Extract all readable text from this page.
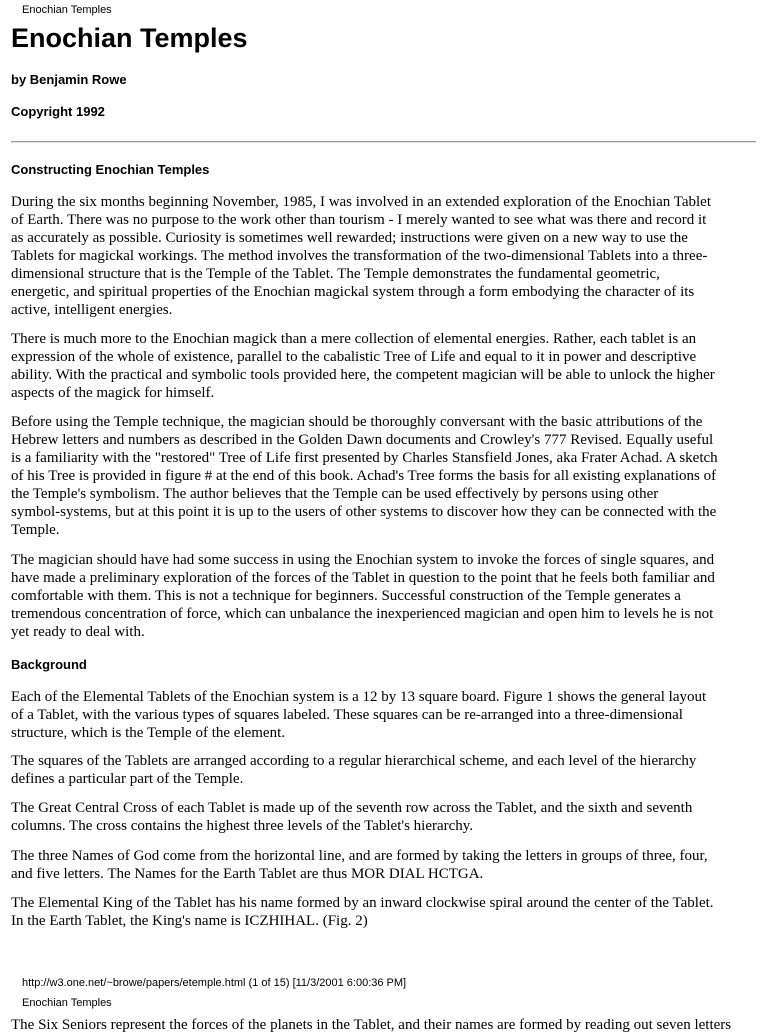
Enochian Temples
Enochian Temples
by Benjamin Rowe
Copyright 1992
Constructing Enochian Temples
During the six months beginning November, 1985, I was involved in an extended exploration of the Enochian Tablet
of Earth. There was no purpose to the work other than tourism - I merely wanted to see what was there and record it
as accurately as possible. Curiosity is sometimes well rewarded; instructions were given on a new way to use the
Tablets for magickal workings. The method involves the transformation of the two-dimensional Tablets into a three-
dimensional structure that is the Temple of the Tablet. The Temple demonstrates the fundamental geometric,
energetic, and spiritual properties of the Enochian magickal system through a form embodying the character of its
active, intelligent energies.
There is much more to the Enochian magick than a mere collection of elemental energies. Rather, each tablet is an
expression of the whole of existence, parallel to the cabalistic Tree of Life and equal to it in power and descriptive
ability. With the practical and symbolic tools provided here, the competent magician will be able to unlock the higher
aspects of the magick for himself.
Before using the Temple technique, the magician should be thoroughly conversant with the basic attributions of the
Hebrew letters and numbers as described in the Golden Dawn documents and Crowley's 777 Revised. Equally useful
is a familiarity with the "restored" Tree of Life first presented by Charles Stansfield Jones, aka Frater Achad. A sketch
of his Tree is provided in figure # at the end of this book. Achad's Tree forms the basis for all existing explanations of
the Temple's symbolism. The author believes that the Temple can be used effectively by persons using other
symbol-systems, but at this point it is up to the users of other systems to discover how they can be connected with the
Temple.
The magician should have had some success in using the Enochian system to invoke the forces of single squares, and
have made a preliminary exploration of the forces of the Tablet in question to the point that he feels both familiar and
comfortable with them. This is not a technique for beginners. Successful construction of the Temple generates a
tremendous concentration of force, which can unbalance the inexperienced magician and open him to levels he is not
yet ready to deal with.
Background
Each of the Elemental Tablets of the Enochian system is a 12 by 13 square board. Figure 1 shows the general layout
of a Tablet, with the various types of squares labeled. These squares can be re-arranged into a three-dimensional
structure, which is the Temple of the element.
The squares of the Tablets are arranged according to a regular hierarchical scheme, and each level of the hierarchy
defines a particular part of the Temple.
The Great Central Cross of each Tablet is made up of the seventh row across the Tablet, and the sixth and seventh
columns. The cross contains the highest three levels of the Tablet's hierarchy.
The three Names of God come from the horizontal line, and are formed by taking the letters in groups of three, four,
and five letters. The Names for the Earth Tablet are thus MOR DIAL HCTGA.
The Elemental King of the Tablet has his name formed by an inward clockwise spiral around the center of the Tablet.
In the Earth Tablet, the King's name is ICZHIHAL. (Fig. 2)
http://w3.one.net/~browe/papers/etemple.html (1 of 15) [11/3/2001 6:00:36 PM]
Enochian Temples
The Six Seniors represent the forces of the planets in the Tablet, and their names are formed by reading out seven letters
